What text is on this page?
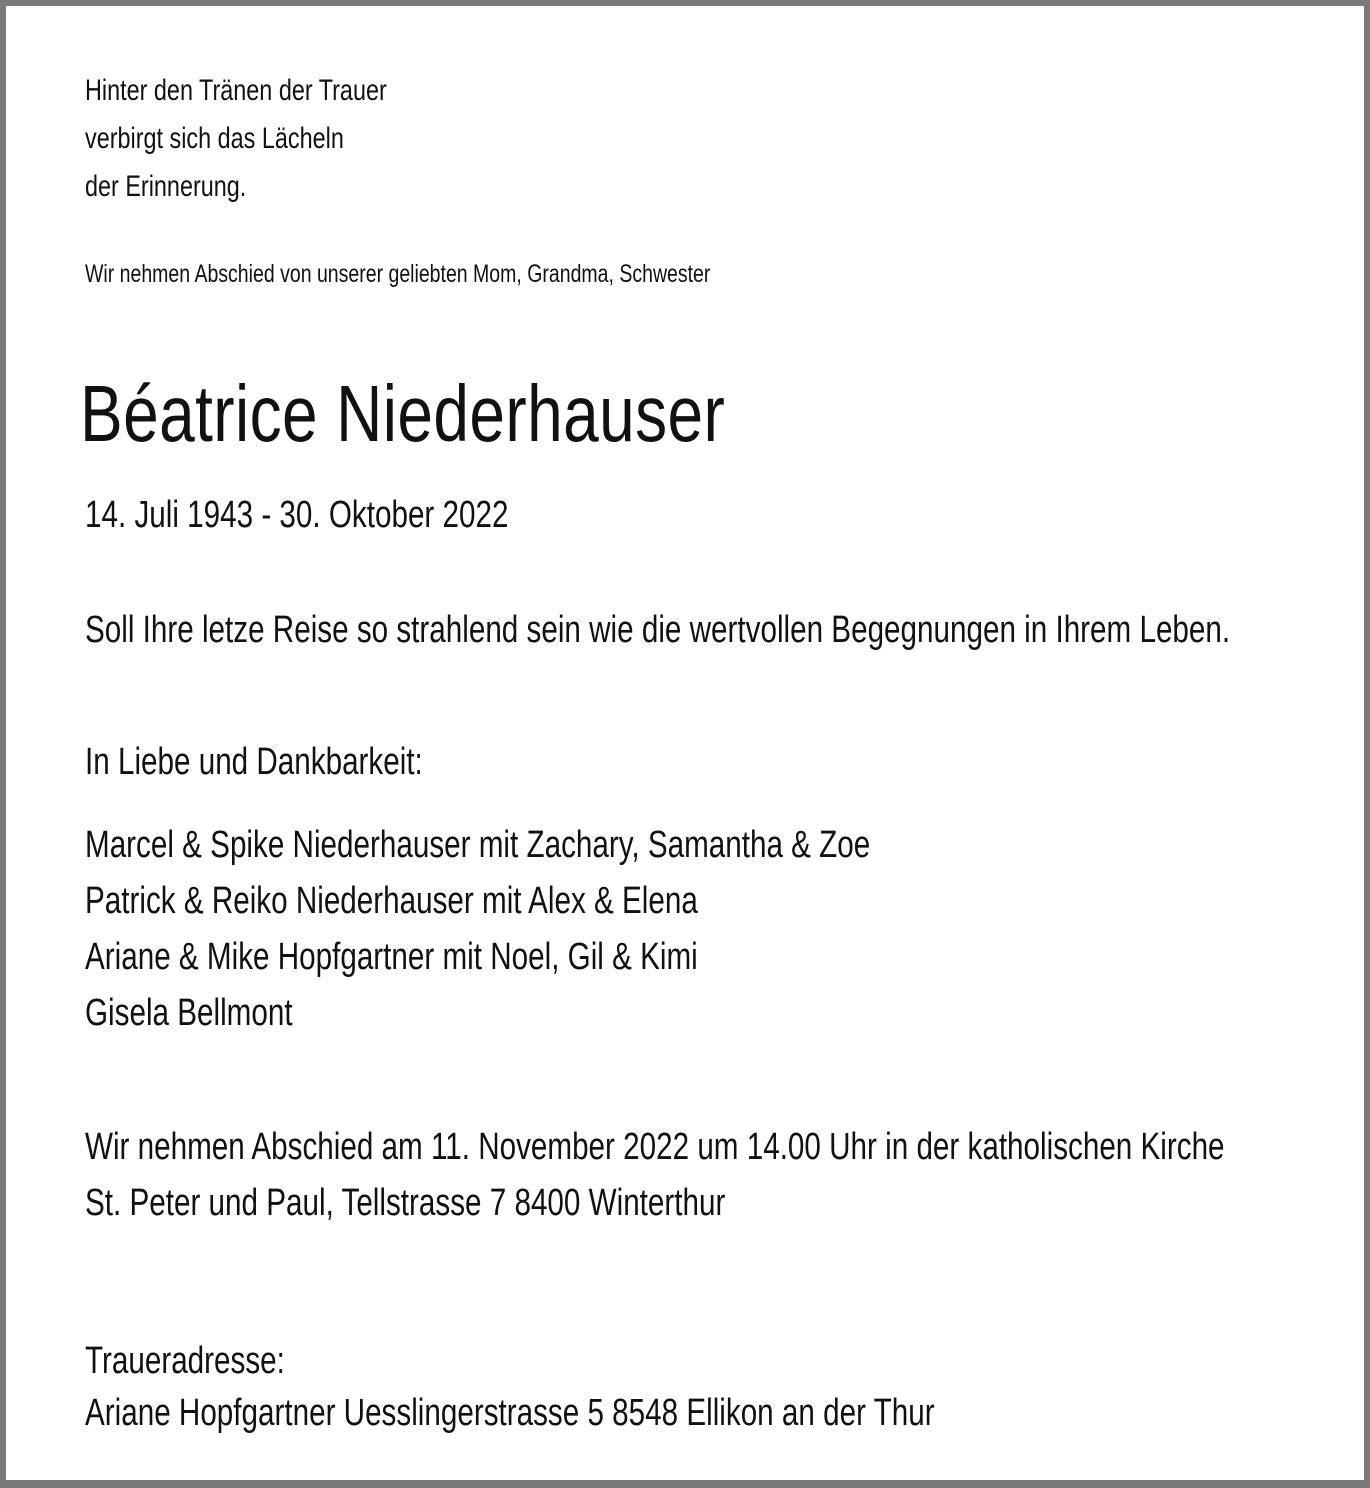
Hinter den Tränen der Trauer
verbirgt sich das Lächeln
der Erinnerung.
Wir nehmen Abschied von unserer geliebten Mom, Grandma, Schwester
Béatrice Niederhauser
14. Juli 1943 - 30. Oktober 2022
Soll Ihre letze Reise so strahlend sein wie die wertvollen Begegnungen in Ihrem Leben.
In Liebe und Dankbarkeit:
Marcel & Spike Niederhauser mit Zachary, Samantha & Zoe
Patrick & Reiko Niederhauser mit Alex & Elena
Ariane & Mike Hopfgartner mit Noel, Gil & Kimi
Gisela Bellmont
Wir nehmen Abschied am 11. November 2022 um 14.00 Uhr in der katholischen Kirche
St. Peter und Paul, Tellstrasse 7 8400 Winterthur
Traueradresse:
Ariane Hopfgartner Uesslingerstrasse 5 8548 Ellikon an der Thur
